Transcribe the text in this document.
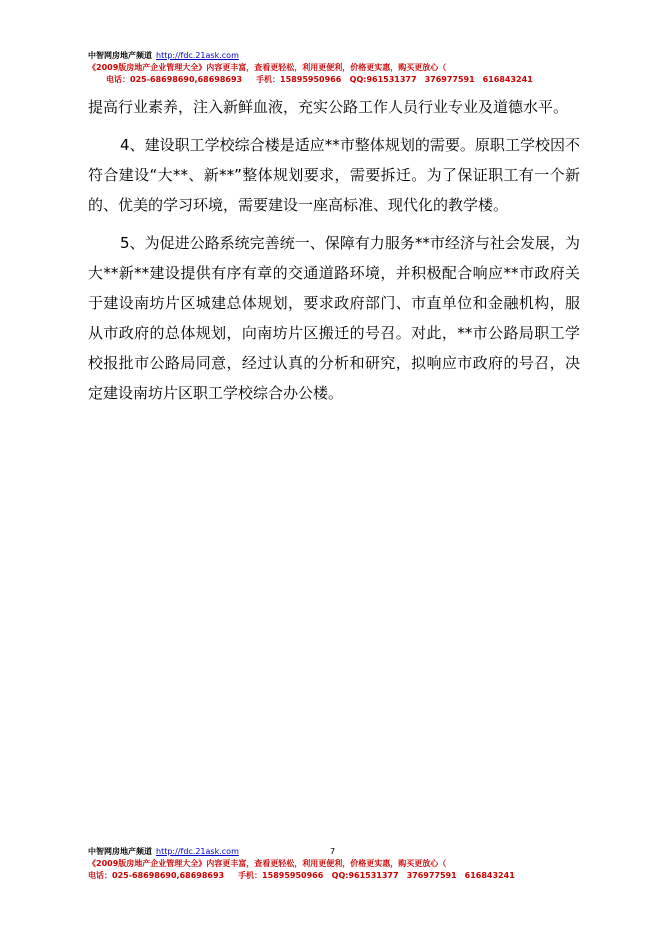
中智网房地产频道 http://fdc.21ask.com
《2009版房地产企业管理大全》内容更丰富，查看更轻松，利用更便利，价格更实惠，购买更放心（
电话：025-68698690,68698693 手机：15895950966 QQ:961531377　376977591　616843241

提高行业素养，注入新鲜血液，充实公路工作人员行业专业及道德水平。

4、建设职工学校综合楼是适应**市整体规划的需要。原职工学校因不符合建设“大**、新**”整体规划要求，需要拆迁。为了保证职工有一个新的、优美的学习环境，需要建设一座高标准、现代化的教学楼。

5、为促进公路系统完善统一、保障有力服务**市经济与社会发展，为大**新**建设提供有序有章的交通道路环境，并积极配合响应**市政府关于建设南坊片区城建总体规划，要求政府部门、市直单位和金融机构，服从市政府的总体规划，向南坊片区搬迁的号召。对此，**市公路局职工学校报批市公路局同意，经过认真的分析和研究，拟响应市政府的号召，决定建设南坊片区职工学校综合办公楼。

中智网房地产频道 http://fdc.21ask.com	7
《2009版房地产企业管理大全》内容更丰富，查看更轻松，利用更便利，价格更实惠，购买更放心（
电话：025-68698690,68698693 手机：15895950966 QQ:961531377　376977591　616843241
